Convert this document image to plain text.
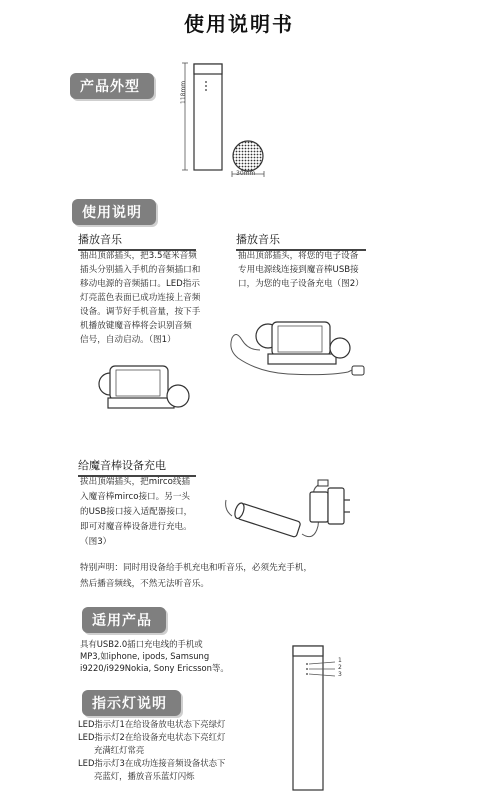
使用说明书
产品外型	118mm
30mm
使用说明
播放音乐
抽出顶部插头，把3.5毫米音频
插头分别插入手机的音频插口和
移动电源的音频插口。LED指示
灯亮蓝色表面已成功连接上音频
设备。调节好手机音量，按下手
机播放键魔音棒将会识别音频
信号，自动启动。（图1）
播放音乐
抽出顶部插头，将您的电子设备
专用电源线连接到魔音棒USB接
口，为您的电子设备充电（图2）
给魔音棒设备充电
拔出顶端插头，把mirco线插
入魔音棒mirco接口。另一头
的USB接口接入适配器接口，
即可对魔音棒设备进行充电。
（图3）
特别声明：同时用设备给手机充电和听音乐，必须先充手机，
然后播音频线，不然无法听音乐。
适用产品
具有USB2.0插口充电线的手机或
MP3,如iphone, ipods, Samsung
i9220/i929Nokia, Sony Ericsson等。
1
2
3
指示灯说明
LED指示灯1在给设备放电状态下亮绿灯
LED指示灯2在给设备充电状态下亮红灯
充满红灯常亮
LED指示灯3在成功连接音频设备状态下
亮蓝灯，播放音乐蓝灯闪烁
